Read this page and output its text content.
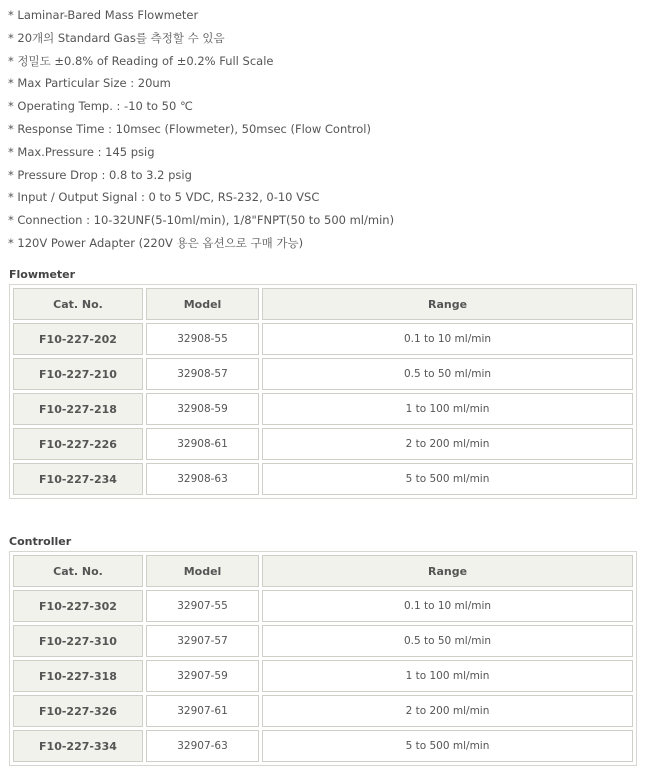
* Laminar-Bared Mass Flowmeter
* 20개의 Standard Gas를 측정할 수 있음
* 정밀도 ±0.8% of Reading of ±0.2% Full Scale
* Max Particular Size : 20um
* Operating Temp. : -10 to 50 ℃
* Response Time : 10msec (Flowmeter), 50msec (Flow Control)
* Max.Pressure : 145 psig
* Pressure Drop : 0.8 to 3.2 psig
* Input / Output Signal : 0 to 5 VDC, RS-232, 0-10 VSC
* Connection : 10-32UNF(5-10ml/min), 1/8"FNPT(50 to 500 ml/min)
* 120V Power Adapter (220V 용은 옵션으로 구매 가능)
Flowmeter
Cat. No.	Model	Range
F10-227-202	32908-55	0.1 to 10 ml/min
F10-227-210	32908-57	0.5 to 50 ml/min
F10-227-218	32908-59	1 to 100 ml/min
F10-227-226	32908-61	2 to 200 ml/min
F10-227-234	32908-63	5 to 500 ml/min
Controller
Cat. No.	Model	Range
F10-227-302	32907-55	0.1 to 10 ml/min
F10-227-310	32907-57	0.5 to 50 ml/min
F10-227-318	32907-59	1 to 100 ml/min
F10-227-326	32907-61	2 to 200 ml/min
F10-227-334	32907-63	5 to 500 ml/min
